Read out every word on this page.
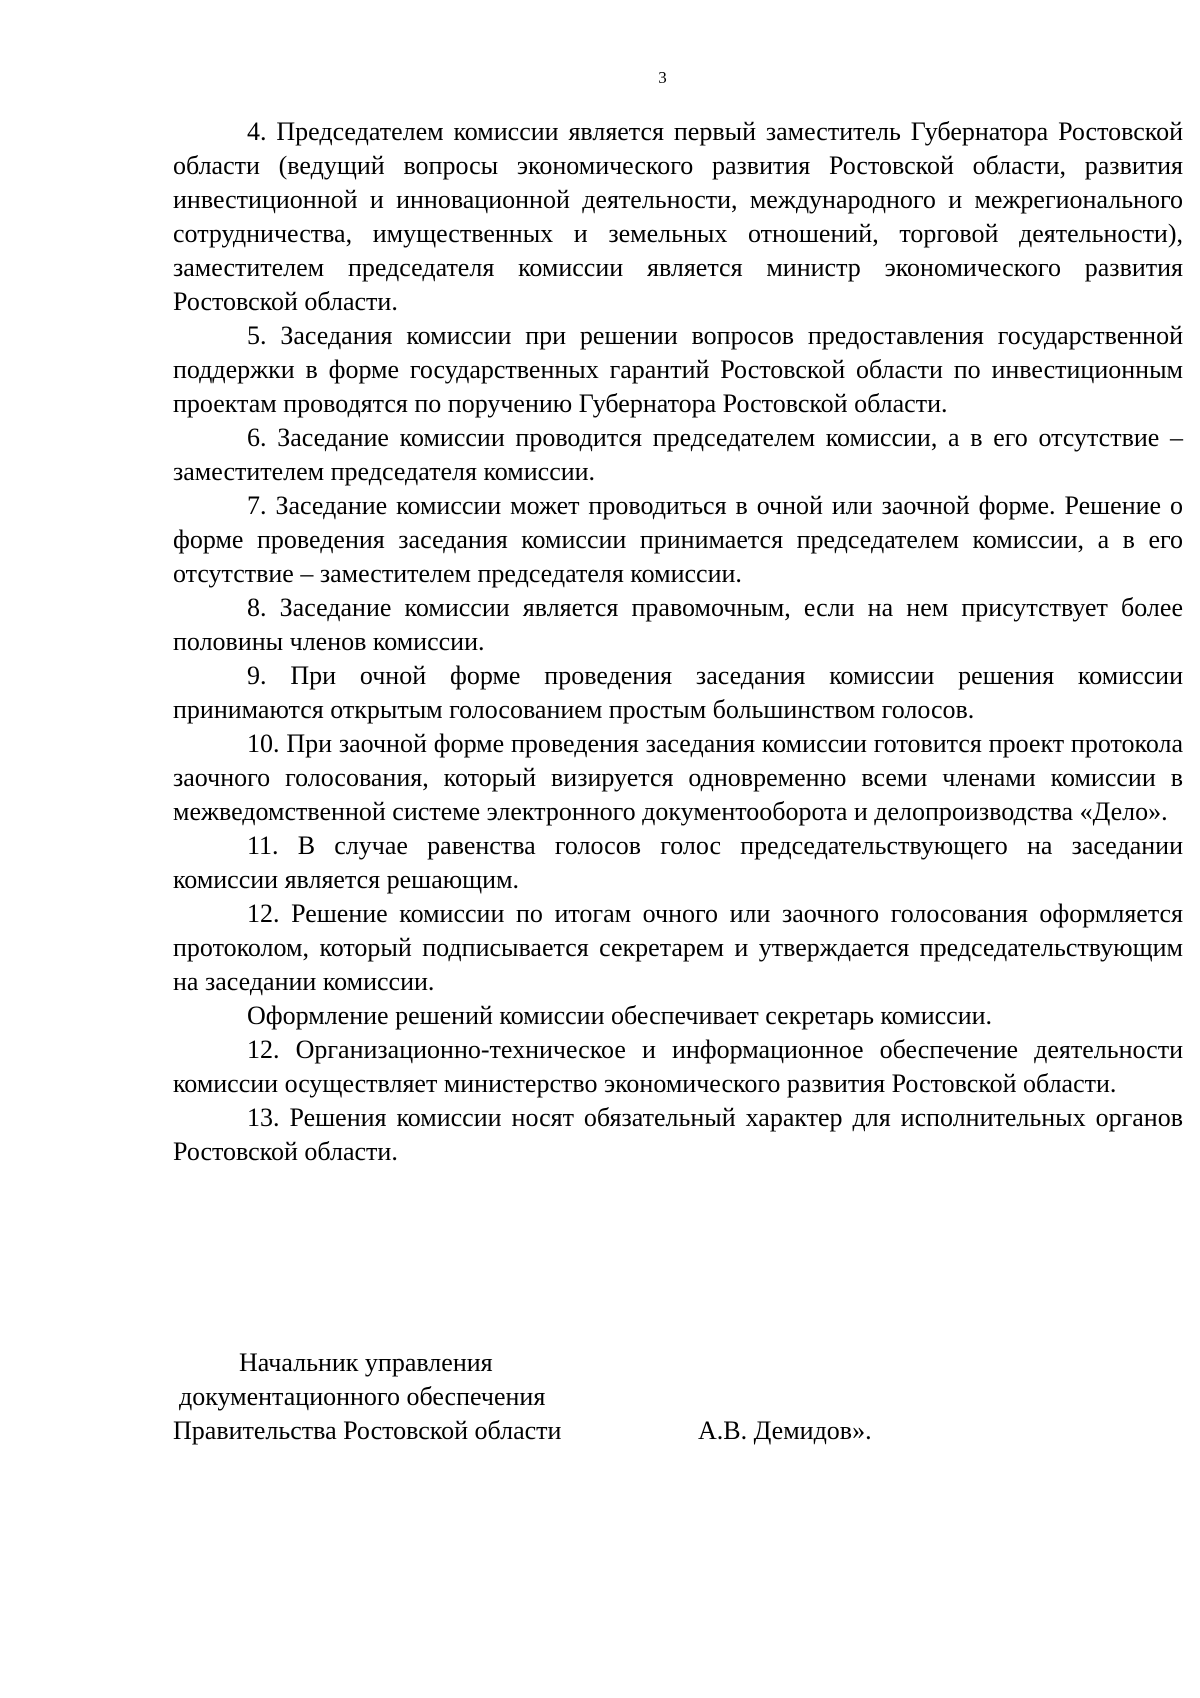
3

4. Председателем комиссии является первый заместитель Губернатора Ростовской области (ведущий вопросы экономического развития Ростовской области, развития инвестиционной и инновационной деятельности, международного и межрегионального сотрудничества, имущественных и земельных отношений, торговой деятельности), заместителем председателя комиссии является министр экономического развития Ростовской области.

5. Заседания комиссии при решении вопросов предоставления государственной поддержки в форме государственных гарантий Ростовской области по инвестиционным проектам проводятся по поручению Губернатора Ростовской области.

6. Заседание комиссии проводится председателем комиссии, а в его отсутствие – заместителем председателя комиссии.

7. Заседание комиссии может проводиться в очной или заочной форме. Решение о форме проведения заседания комиссии принимается председателем комиссии, а в его отсутствие – заместителем председателя комиссии.

8. Заседание комиссии является правомочным, если на нем присутствует более половины членов комиссии.

9. При очной форме проведения заседания комиссии решения комиссии принимаются открытым голосованием простым большинством голосов.

10. При заочной форме проведения заседания комиссии готовится проект протокола заочного голосования, который визируется одновременно всеми членами комиссии в межведомственной системе электронного документооборота и делопроизводства «Дело».

11. В случае равенства голосов голос председательствующего на заседании комиссии является решающим.

12. Решение комиссии по итогам очного или заочного голосования оформляется протоколом, который подписывается секретарем и утверждается председательствующим на заседании комиссии.

Оформление решений комиссии обеспечивает секретарь комиссии.

12. Организационно-техническое и информационное обеспечение деятельности комиссии осуществляет министерство экономического развития Ростовской области.

13. Решения комиссии носят обязательный характер для исполнительных органов Ростовской области.

Начальник управления
документационного обеспечения
Правительства Ростовской области	А.В. Демидов».
